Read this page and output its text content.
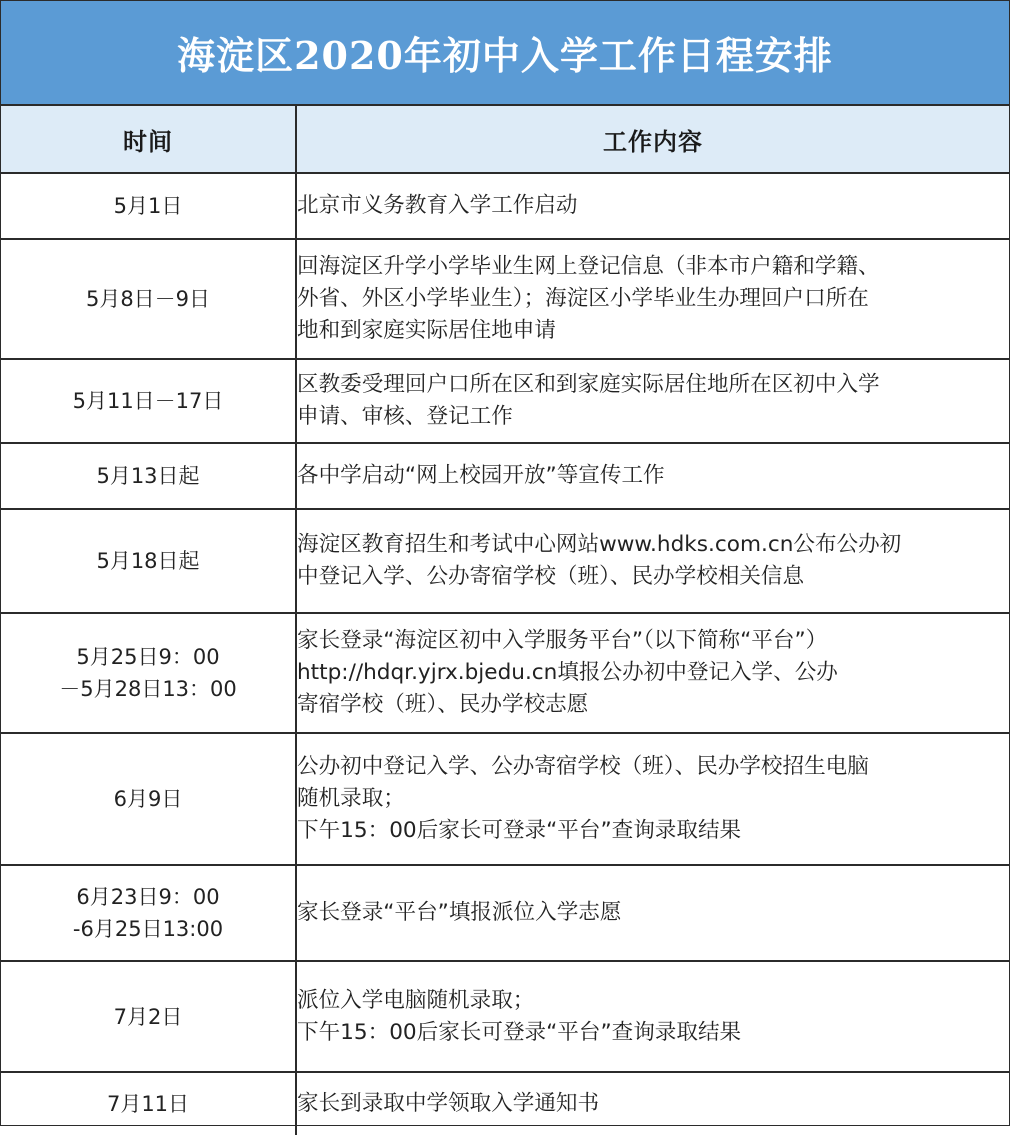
海淀区2020年初中入学工作日程安排
时间	工作内容

5月1日	北京市义务教育入学工作启动

5月8日－9日	回海淀区升学小学毕业生网上登记信息（非本市户籍和学籍、
外省、外区小学毕业生）；海淀区小学毕业生办理回户口所在
地和到家庭实际居住地申请

5月11日－17日	区教委受理回户口所在区和到家庭实际居住地所在区初中入学
申请、审核、登记工作

5月13日起	各中学启动“网上校园开放”等宣传工作

5月18日起	海淀区教育招生和考试中心网站www.hdks.com.cn公布公办初
中登记入学、公办寄宿学校（班）、民办学校相关信息

5月25日9：00
－5月28日13：00	家长登录“海淀区初中入学服务平台”（以下简称“平台”）
http://hdqr.yjrx.bjedu.cn填报公办初中登记入学、公办
寄宿学校（班）、民办学校志愿

6月9日	公办初中登记入学、公办寄宿学校（班）、民办学校招生电脑
随机录取；
下午15：00后家长可登录“平台”查询录取结果

6月23日9：00
-6月25日13:00	家长登录“平台”填报派位入学志愿

7月2日	派位入学电脑随机录取；
下午15：00后家长可登录“平台”查询录取结果

7月11日	家长到录取中学领取入学通知书
